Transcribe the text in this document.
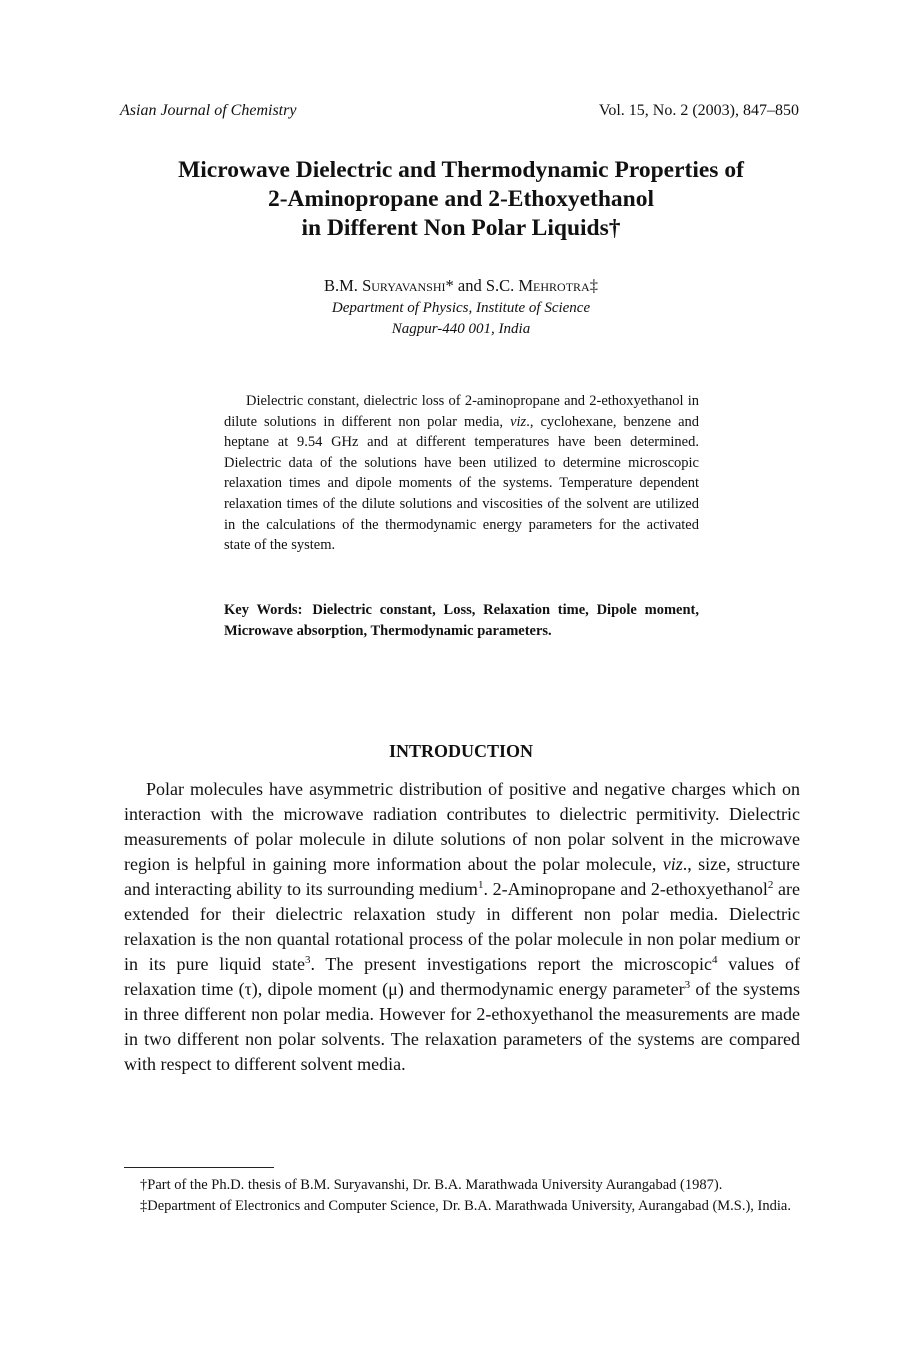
Asian Journal of Chemistry	Vol. 15, No. 2 (2003), 847–850
Microwave Dielectric and Thermodynamic Properties of
2-Aminopropane and 2-Ethoxyethanol
in Different Non Polar Liquids†
B.M. Suryavanshi* and S.C. Mehrotra‡
Department of Physics, Institute of Science
Nagpur-440 001, India
Dielectric constant, dielectric loss of 2-aminopropane and 2-ethoxyethanol in dilute solutions in different non polar media, viz., cyclohexane, benzene and heptane at 9.54 GHz and at different temperatures have been determined. Dielectric data of the solutions have been utilized to determine microscopic relaxation times and dipole moments of the systems. Temperature dependent relaxation times of the dilute solutions and viscosities of the solvent are utilized in the calculations of the thermodynamic energy parameters for the activated state of the system.
Key Words: Dielectric constant, Loss, Relaxation time, Dipole moment, Microwave absorption, Thermodynamic parameters.
INTRODUCTION
Polar molecules have asymmetric distribution of positive and negative charges which on interaction with the microwave radiation contributes to dielectric permitivity. Dielectric measurements of polar molecule in dilute solutions of non polar solvent in the microwave region is helpful in gaining more information about the polar molecule, viz., size, structure and interacting ability to its surrounding medium$^1$. 2-Aminopropane and 2-ethoxyethanol$^2$ are extended for their dielectric relaxation study in different non polar media. Dielectric relaxation is the non quantal rotational process of the polar molecule in non polar medium or in its pure liquid state$^3$. The present investigations report the microscopic$^4$ values of relaxation time (τ), dipole moment (μ) and thermodynamic energy parameter$^3$ of the systems in three different non polar media. However for 2-ethoxyethanol the measurements are made in two different non polar solvents. The relaxation parameters of the systems are compared with respect to different solvent media.
†Part of the Ph.D. thesis of B.M. Suryavanshi, Dr. B.A. Marathwada University Aurangabad (1987).
‡Department of Electronics and Computer Science, Dr. B.A. Marathwada University, Aurangabad (M.S.), India.
